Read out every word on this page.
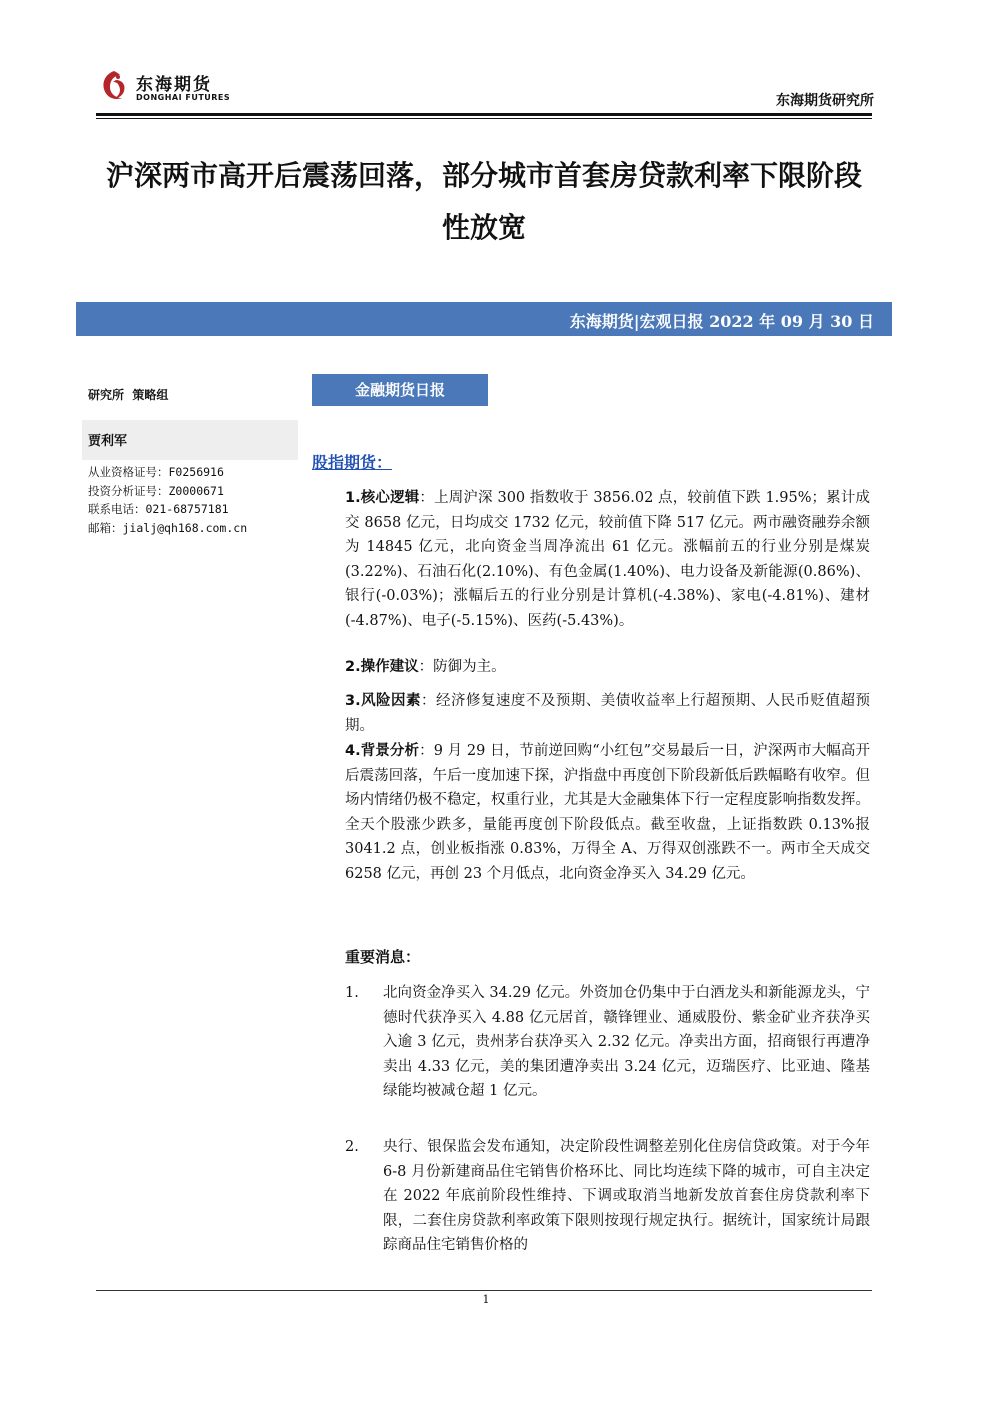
东海期货
DONGHAI FUTURES	东海期货研究所
沪深两市高开后震荡回落，部分城市首套房贷款利率下限阶段性放宽
东海期货|宏观日报 2022 年 09 月 30 日
研究所  策略组
贾利军
从业资格证号：F0256916
投资分析证号：Z0000671
联系电话：021-68757181
邮箱：jialj@qh168.com.cn
金融期货日报
股指期货：
1.核心逻辑：上周沪深 300 指数收于 3856.02 点，较前值下跌 1.95%；累计成交 8658 亿元，日均成交 1732 亿元，较前值下降 517 亿元。两市融资融券余额为 14845 亿元，北向资金当周净流出 61 亿元。涨幅前五的行业分别是煤炭(3.22%)、石油石化(2.10%)、有色金属(1.40%)、电力设备及新能源(0.86%)、银行(-0.03%)；涨幅后五的行业分别是计算机(-4.38%)、家电(-4.81%)、建材(-4.87%)、电子(-5.15%)、医药(-5.43%)。
2.操作建议：防御为主。
3.风险因素：经济修复速度不及预期、美债收益率上行超预期、人民币贬值超预期。
4.背景分析：9 月 29 日，节前逆回购“小红包”交易最后一日，沪深两市大幅高开后震荡回落，午后一度加速下探，沪指盘中再度创下阶段新低后跌幅略有收窄。但场内情绪仍极不稳定，权重行业，尤其是大金融集体下行一定程度影响指数发挥。全天个股涨少跌多，量能再度创下阶段低点。截至收盘，上证指数跌 0.13%报 3041.2 点，创业板指涨 0.83%，万得全 A、万得双创涨跌不一。两市全天成交 6258 亿元，再创 23 个月低点，北向资金净买入 34.29 亿元。
重要消息：
1.	北向资金净买入 34.29 亿元。外资加仓仍集中于白酒龙头和新能源龙头，宁德时代获净买入 4.88 亿元居首，赣锋锂业、通威股份、紫金矿业齐获净买入逾 3 亿元，贵州茅台获净买入 2.32 亿元。净卖出方面，招商银行再遭净卖出 4.33 亿元，美的集团遭净卖出 3.24 亿元，迈瑞医疗、比亚迪、隆基绿能均被减仓超 1 亿元。
2.	央行、银保监会发布通知，决定阶段性调整差别化住房信贷政策。对于今年 6-8 月份新建商品住宅销售价格环比、同比均连续下降的城市，可自主决定在 2022 年底前阶段性维持、下调或取消当地新发放首套住房贷款利率下限，二套住房贷款利率政策下限则按现行规定执行。据统计，国家统计局跟踪商品住宅销售价格的
1
